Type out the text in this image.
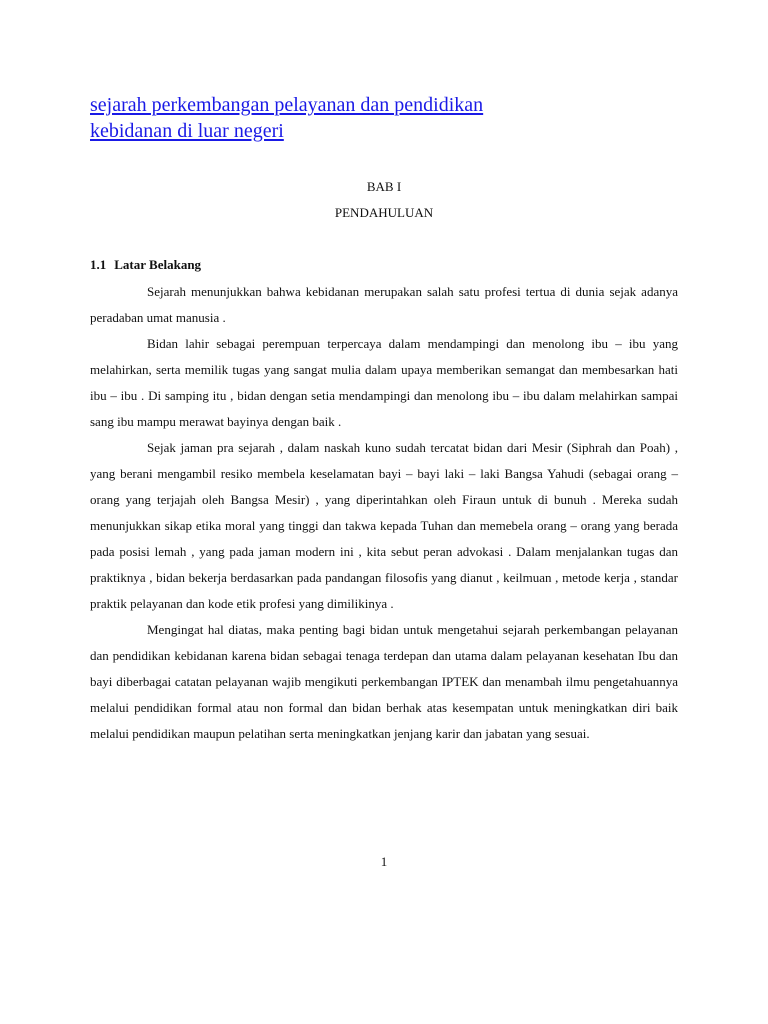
sejarah perkembangan pelayanan dan pendidikan
kebidanan di luar negeri

BAB I

PENDAHULUAN

1.1 Latar Belakang

Sejarah menunjukkan bahwa kebidanan merupakan salah satu profesi tertua di dunia sejak adanya peradaban umat manusia .

Bidan lahir sebagai perempuan terpercaya dalam mendampingi dan menolong ibu – ibu yang melahirkan, serta memilik tugas yang sangat mulia dalam upaya memberikan semangat dan membesarkan hati ibu – ibu . Di samping itu , bidan dengan setia mendampingi dan menolong ibu – ibu dalam melahirkan sampai sang ibu mampu merawat bayinya dengan baik .

Sejak jaman pra sejarah , dalam naskah kuno sudah tercatat bidan dari Mesir (Siphrah dan Poah) , yang berani mengambil resiko membela keselamatan bayi – bayi laki – laki Bangsa Yahudi (sebagai orang – orang yang terjajah oleh Bangsa Mesir) , yang diperintahkan oleh Firaun untuk di bunuh . Mereka sudah menunjukkan sikap etika moral yang tinggi dan takwa kepada Tuhan dan memebela orang – orang yang berada pada posisi lemah , yang pada jaman modern ini , kita sebut peran advokasi . Dalam menjalankan tugas dan praktiknya , bidan bekerja berdasarkan pada pandangan filosofis yang dianut , keilmuan , metode kerja , standar praktik pelayanan dan kode etik profesi yang dimilikinya .

Mengingat hal diatas, maka penting bagi bidan untuk mengetahui sejarah perkembangan pelayanan dan pendidikan kebidanan karena bidan sebagai tenaga terdepan dan utama dalam pelayanan kesehatan Ibu dan bayi diberbagai catatan pelayanan wajib mengikuti perkembangan IPTEK dan menambah ilmu pengetahuannya melalui pendidikan formal atau non formal dan bidan berhak atas kesempatan untuk meningkatkan diri baik melalui pendidikan maupun pelatihan serta meningkatkan jenjang karir dan jabatan yang sesuai.

1
